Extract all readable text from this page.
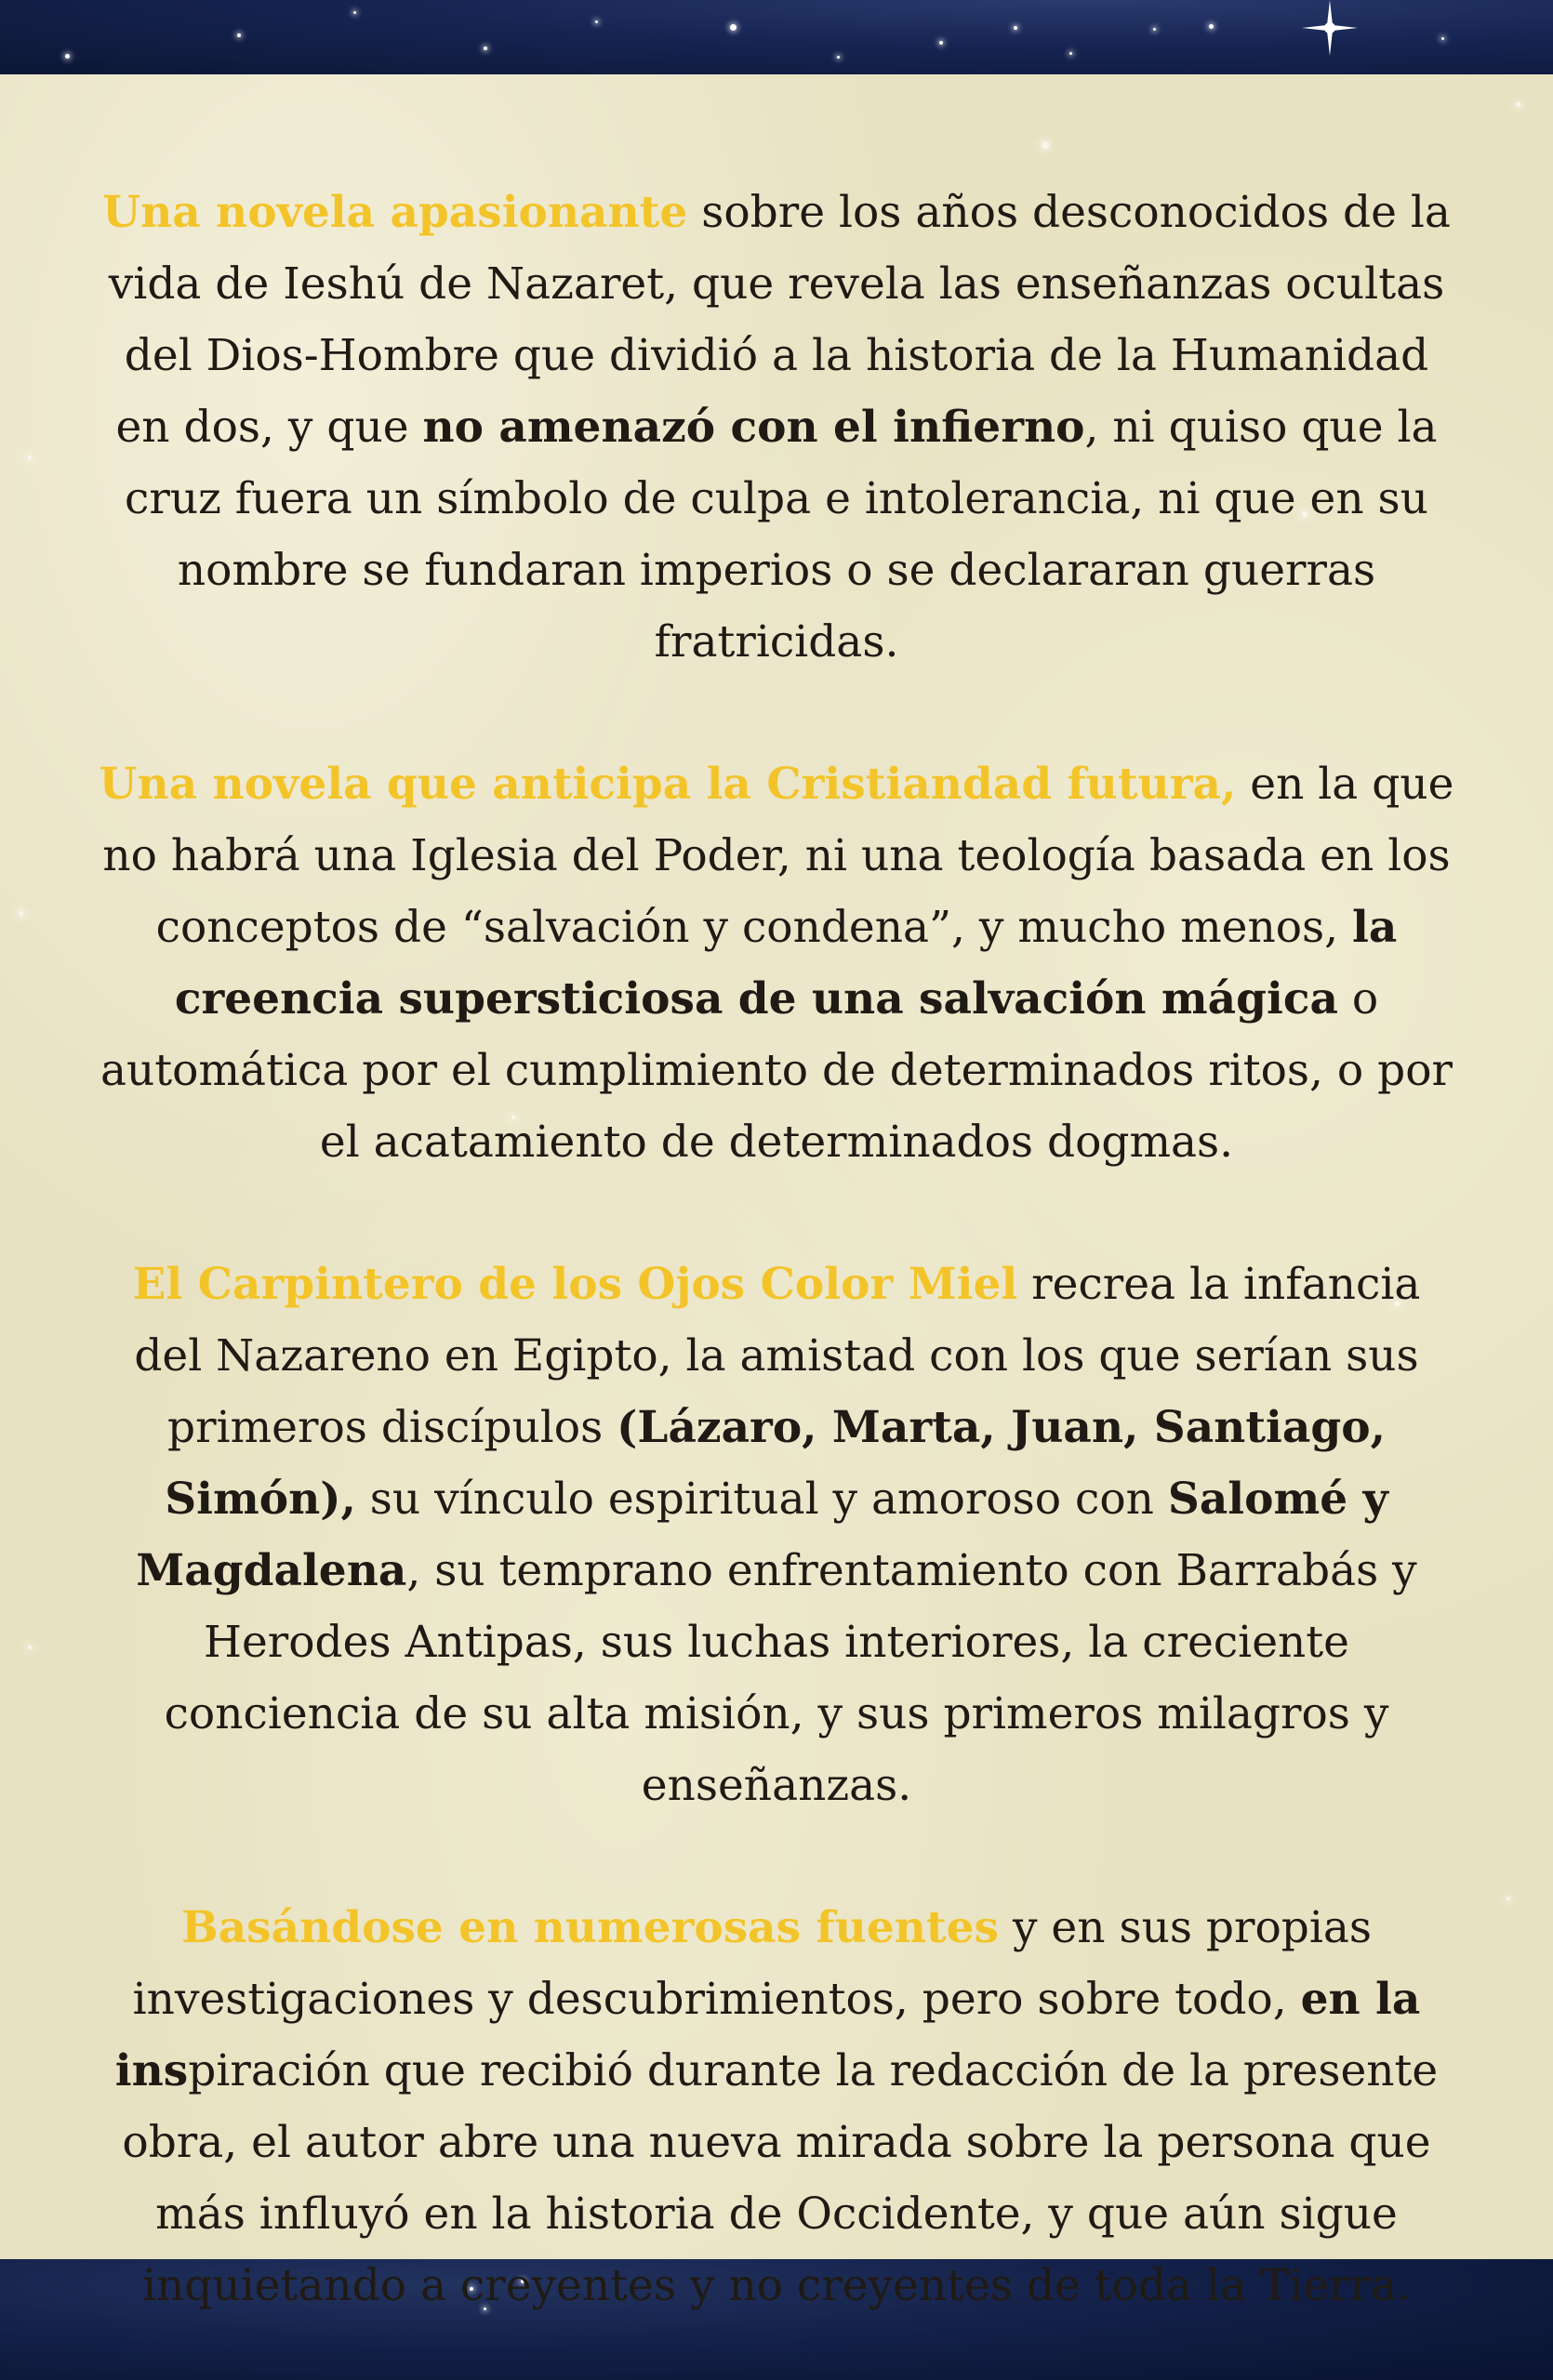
Una novela apasionante sobre los años desconocidos de la vida de Ieshú de Nazaret, que revela las enseñanzas ocultas del Dios-Hombre que dividió a la historia de la Humanidad en dos, y que no amenazó con el infierno, ni quiso que la cruz fuera un símbolo de culpa e intolerancia, ni que en su nombre se fundaran imperios o se declararan guerras fratricidas.

Una novela que anticipa la Cristiandad futura, en la que no habrá una Iglesia del Poder, ni una teología basada en los conceptos de “salvación y condena”, y mucho menos, la creencia supersticiosa de una salvación mágica o automática por el cumplimiento de determinados ritos, o por el acatamiento de determinados dogmas.

El Carpintero de los Ojos Color Miel recrea la infancia del Nazareno en Egipto, la amistad con los que serían sus primeros discípulos (Lázaro, Marta, Juan, Santiago, Simón), su vínculo espiritual y amoroso con Salomé y Magdalena, su temprano enfrentamiento con Barrabás y Herodes Antipas, sus luchas interiores, la creciente conciencia de su alta misión, y sus primeros milagros y enseñanzas.

Basándose en numerosas fuentes y en sus propias investigaciones y descubrimientos, pero sobre todo, en la inspiración que recibió durante la redacción de la presente obra, el autor abre una nueva mirada sobre la persona que más influyó en la historia de Occidente, y que aún sigue inquietando a creyentes y no creyentes de toda la Tierra.
